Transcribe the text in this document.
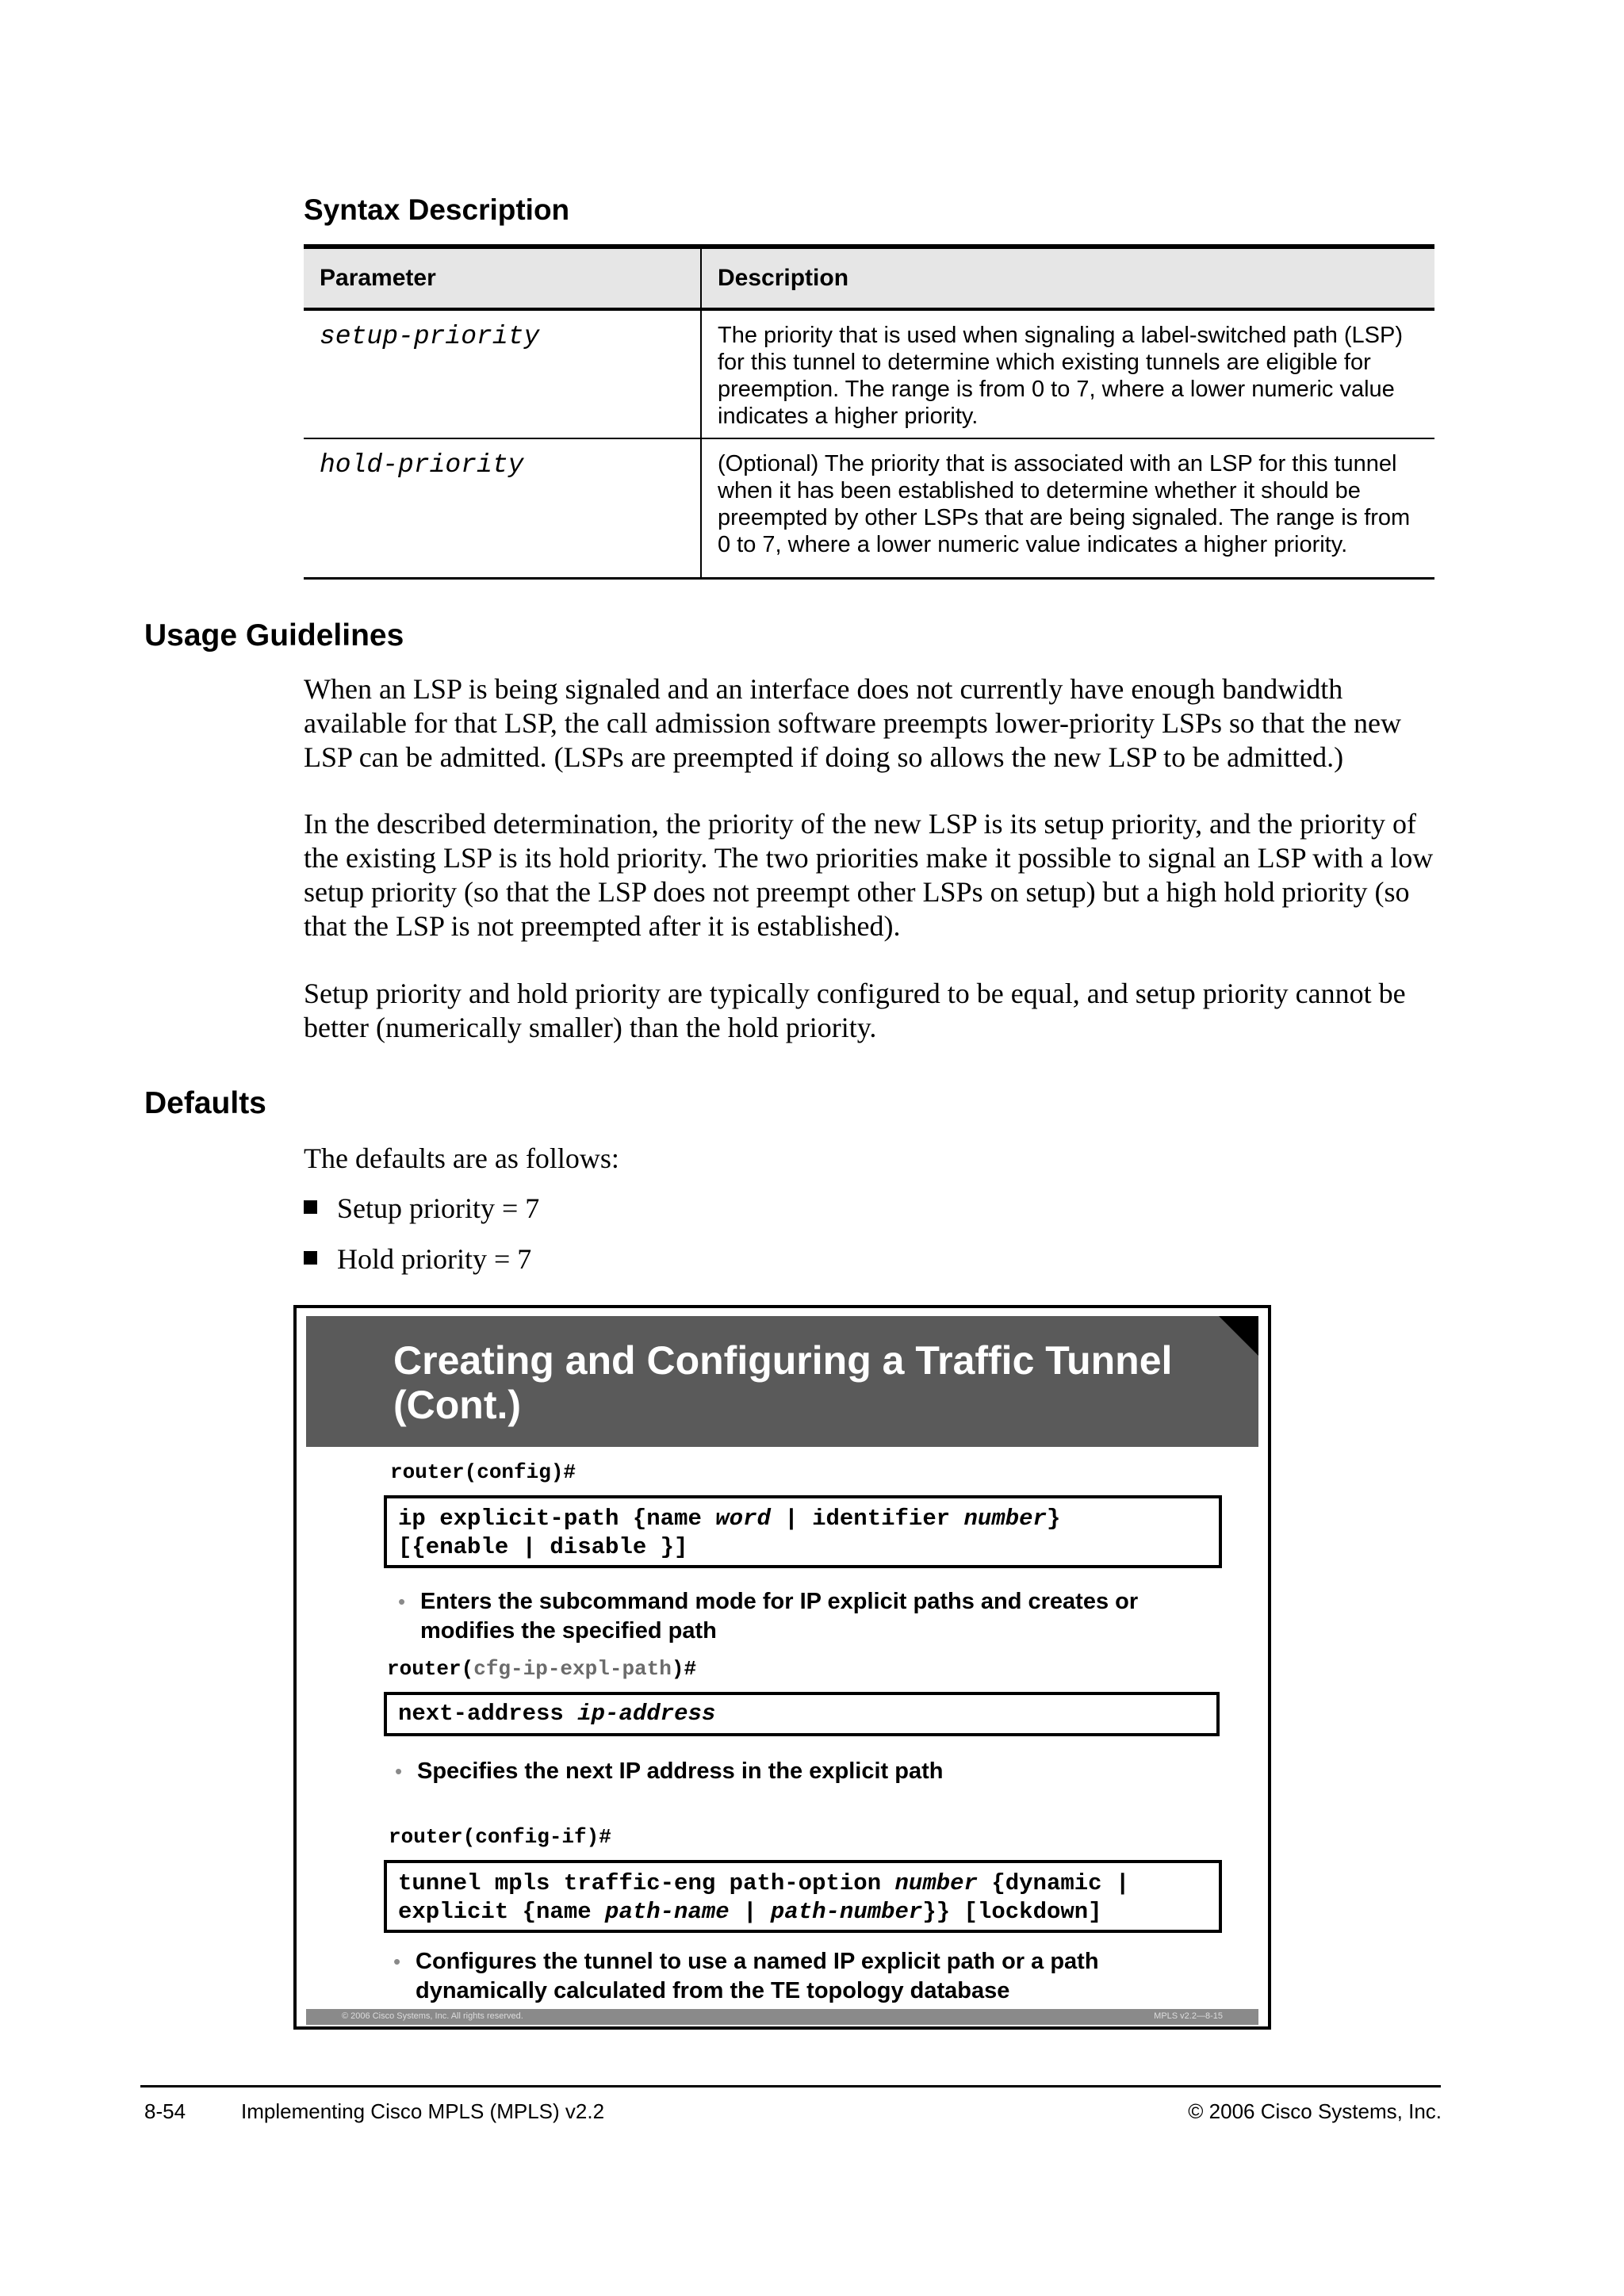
Syntax Description
Parameter	Description
setup-priority	The priority that is used when signaling a label-switched path (LSP) for this tunnel to determine which existing tunnels are eligible for preemption. The range is from 0 to 7, where a lower numeric value indicates a higher priority.
hold-priority	(Optional) The priority that is associated with an LSP for this tunnel when it has been established to determine whether it should be preempted by other LSPs that are being signaled. The range is from 0 to 7, where a lower numeric value indicates a higher priority.
Usage Guidelines
When an LSP is being signaled and an interface does not currently have enough bandwidth available for that LSP, the call admission software preempts lower-priority LSPs so that the new LSP can be admitted. (LSPs are preempted if doing so allows the new LSP to be admitted.)
In the described determination, the priority of the new LSP is its setup priority, and the priority of the existing LSP is its hold priority. The two priorities make it possible to signal an LSP with a low setup priority (so that the LSP does not preempt other LSPs on setup) but a high hold priority (so that the LSP is not preempted after it is established).
Setup priority and hold priority are typically configured to be equal, and setup priority cannot be better (numerically smaller) than the hold priority.
Defaults
The defaults are as follows:
Setup priority = 7
Hold priority = 7
Creating and Configuring a Traffic Tunnel (Cont.)
router(config)#
ip explicit-path {name word | identifier number}
[{enable | disable }]
• Enters the subcommand mode for IP explicit paths and creates or modifies the specified path
router(cfg-ip-expl-path)#
next-address ip-address
• Specifies the next IP address in the explicit path
router(config-if)#
tunnel mpls traffic-eng path-option number {dynamic |
explicit {name path-name | path-number}} [lockdown]
• Configures the tunnel to use a named IP explicit path or a path dynamically calculated from the TE topology database
© 2006 Cisco Systems, Inc. All rights reserved.	MPLS v2.2—8-15
8-54	Implementing Cisco MPLS (MPLS) v2.2	© 2006 Cisco Systems, Inc.
